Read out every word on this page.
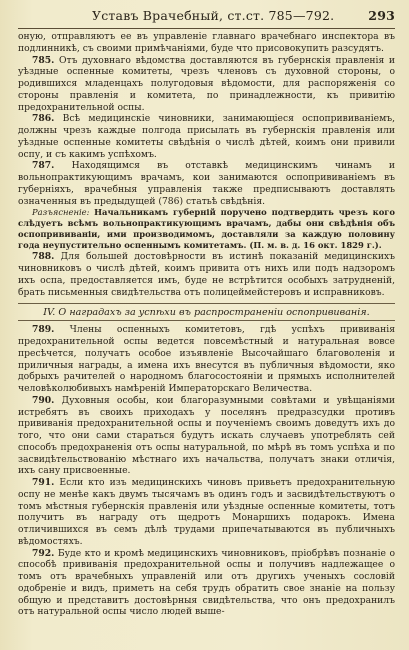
Уставъ Врачебный, ст.ст. 785—792.	293

оную, отправляютъ ее въ управленіе главнаго врачебнаго инспектора въ подлинникѣ, съ своими примѣчаніями, буде что присовокупить разсудятъ.

785. Отъ духовнаго вѣдомства доставляются въ губернскія правленія и уѣздные оспенные комитеты, чрезъ членовъ съ духовной стороны, о родившихся младенцахъ полугодовыя вѣдомости, для распоряженія со стороны правленія и комитета, по принадлежности, къ привитію предохранительной оспы.

786. Всѣ медицинскіе чиновники, занимающіеся оспопрививаніемъ, должны чрезъ каждые полгода присылать въ губернскія правленія или уѣздные оспенные комитеты свѣдѣнія о числѣ дѣтей, коимъ они привили оспу, и съ какимъ успѣхомъ.

787. Находящимся въ отставкѣ медицинскимъ чинамъ и вольнопрактикующимъ врачамъ, кои занимаются оспопрививаніемъ въ губерніяхъ, врачебныя управленія также предписываютъ доставлять означенныя въ предыдущей (786) статьѣ свѣдѣнія.

Разъясненіе: Начальникамъ губерній поручено подтвердить чрезъ кого слѣдуетъ всѣмъ вольнопрактикующимъ врачамъ, дабы они свѣдѣнія объ оспопрививаніи, ими производимомъ, доставляли за каждую половину года неупустительно оспеннымъ комитетамъ. (П. м. в. д. 16 окт. 1829 г.).

788. Для большей достовѣрности въ истинѣ показаній медицинскихъ чиновниковъ о числѣ дѣтей, коимъ привита отъ нихъ или подъ надзоромъ ихъ оспа, предоставляется имъ, буде не встрѣтится особыхъ затрудненій, брать письменныя свидѣтельства отъ полицеймейстеровъ и исправниковъ.

IV. О наградахъ за успѣхи въ распространеніи оспопрививанія.

789. Члены оспенныхъ комитетовъ, гдѣ успѣхъ прививанія предохранительной оспы ведется повсемѣстный и натуральная вовсе пресѣчется, получатъ особое изъявленіе Высочайшаго благоволенія и приличныя награды, а имена ихъ внесутся въ публичныя вѣдомости, яко добрыхъ рачителей о народномъ благосостояніи и прямыхъ исполнителей человѣколюбивыхъ намѣреній Императорскаго Величества.

790. Духовныя особы, кои благоразумными совѣтами и увѣщаніями истребятъ въ своихъ приходахъ у поселянъ предразсудки противъ прививанія предохранительной оспы и поученіемъ своимъ доведутъ ихъ до того, что они сами стараться будутъ искать случаевъ употреблять сей способъ предохраненія отъ оспы натуральной, по мѣрѣ въ томъ успѣха и по засвидѣтельствованію мѣстнаго ихъ начальства, получатъ знаки отличія, ихъ сану присвоенные.

791. Если кто изъ медицинскихъ чиновъ привьетъ предохранительную оспу не менѣе какъ двумъ тысячамъ въ одинъ годъ и засвидѣтельствуютъ о томъ мѣстныя губернскія правленія или уѣздные оспенные комитеты, тотъ получитъ въ награду отъ щедротъ Монаршихъ подарокъ. Имена отличившихся въ семъ дѣлѣ трудами припечатываются въ публичныхъ вѣдомостяхъ.

792. Буде кто и кромѣ медицинскихъ чиновниковъ, пріобрѣвъ познаніе о способѣ прививанія предохранительной оспы и получивъ надлежащее о томъ отъ врачебныхъ управленій или отъ другихъ ученыхъ сословій одобреніе и видъ, приметъ на себя трудъ обратить свое знаніе на пользу общую и представитъ достовѣрныя свидѣтельства, что онъ предохранилъ отъ натуральной оспы число людей выше-
